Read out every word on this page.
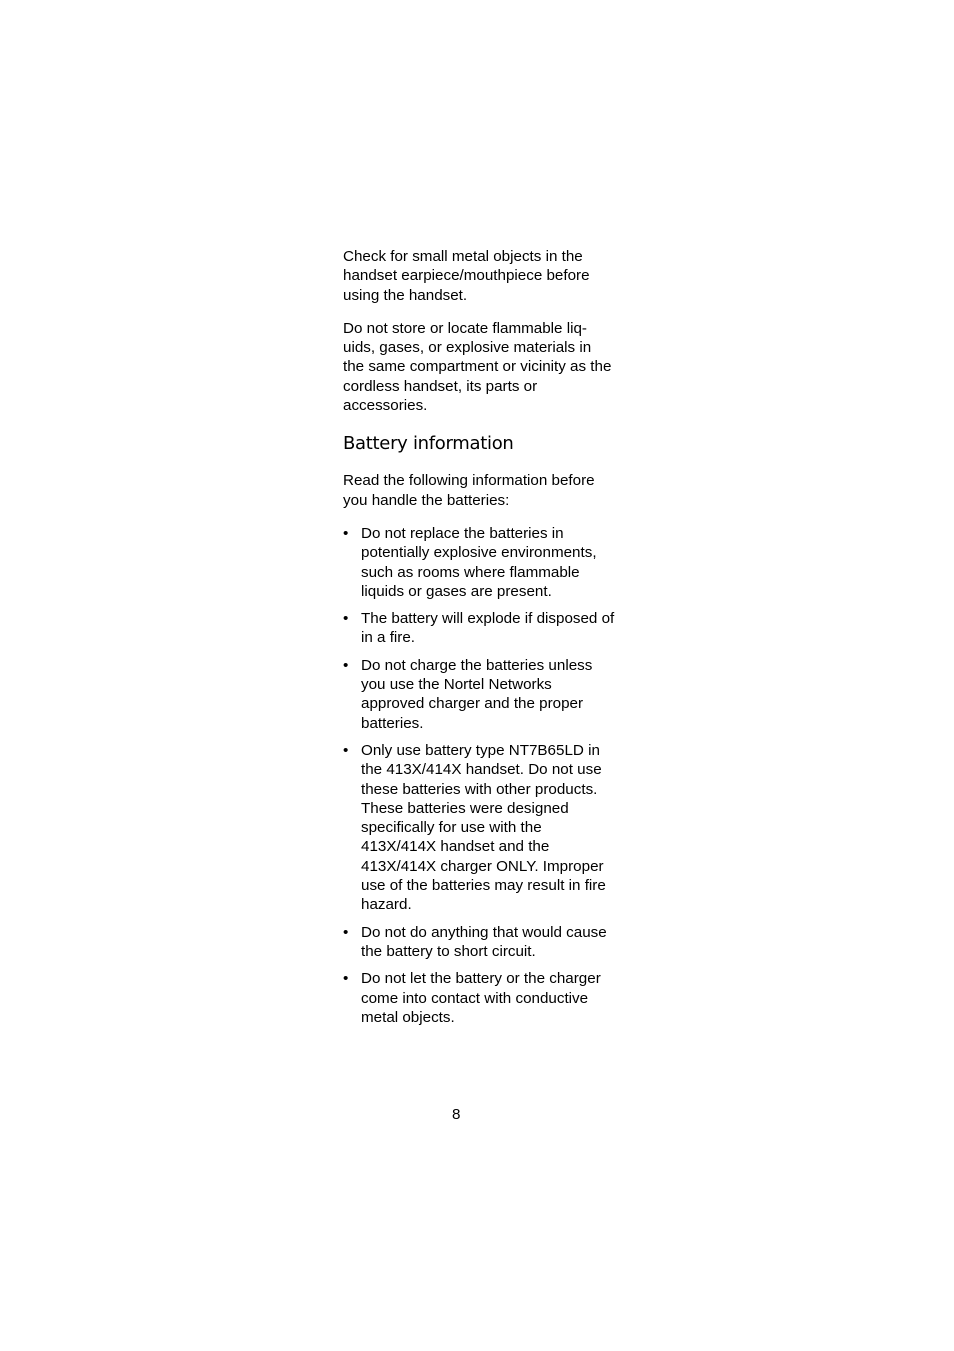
Check for small metal objects in the handset earpiece/mouthpiece before using the handset.

Do not store or locate flammable liq-uids, gases, or explosive materials in the same compartment or vicinity as the cordless handset, its parts or accessories.

Battery information

Read the following information before you handle the batteries:

• Do not replace the batteries in potentially explosive environments, such as rooms where flammable liquids or gases are present.
• The battery will explode if disposed of in a fire.
• Do not charge the batteries unless you use the Nortel Networks approved charger and the proper batteries.
• Only use battery type NT7B65LD in the 413X/414X handset. Do not use these batteries with other products. These batteries were designed specifically for use with the 413X/414X handset and the 413X/414X charger ONLY. Improper use of the batteries may result in fire hazard.
• Do not do anything that would cause the battery to short circuit.
• Do not let the battery or the charger come into contact with conductive metal objects.
8
